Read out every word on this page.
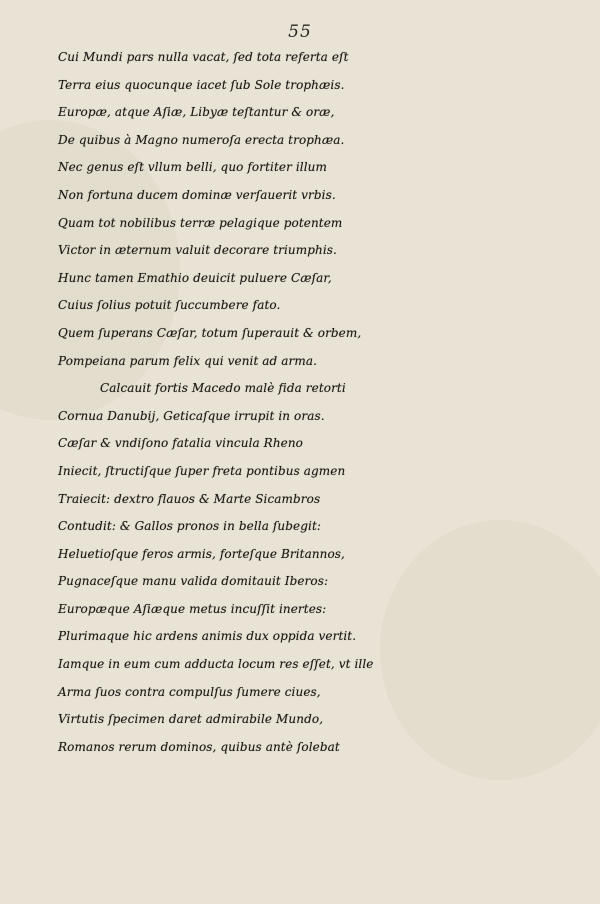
55
Cui Mundi pars nulla vacat, ſed tota referta eſt
Terra eius quocunque iacet ſub Sole trophæis.
Europæ, atque Aſiæ, Libyæ teſtantur & oræ,
De quibus à Magno numeroſa erecta trophæa.
Nec genus eſt vllum belli, quo fortiter illum
Non fortuna ducem dominæ verſauerit vrbis.
Quam tot nobilibus terræ pelagique potentem
Victor in æternum valuit decorare triumphis.
Hunc tamen Emathio deuicit puluere Cæſar,
Cuius ſolius potuit ſuccumbere fato.
Quem ſuperans Cæſar, totum ſuperauit & orbem,
Pompeiana parum felix qui venit ad arma.
Calcauit fortis Macedo malè fida retorti
Cornua Danubij, Geticaſque irrupit in oras.
Cæſar & vndiſono fatalia vincula Rheno
Iniecit, ſtructiſque ſuper freta pontibus agmen
Traiecit: dextro flauos & Marte Sicambros
Contudit: & Gallos pronos in bella ſubegit:
Heluetioſque feros armis, forteſque Britannos,
Pugnaceſque manu valida domitauit Iberos:
Europæque Aſiæque metus incuſſit inertes:
Plurimaque hic ardens animis dux oppida vertit.
Iamque in eum cum adducta locum res eſſet, vt ille
Arma ſuos contra compulſus ſumere ciues,
Virtutis ſpecimen daret admirabile Mundo,
Romanos rerum dominos, quibus antè ſolebat
